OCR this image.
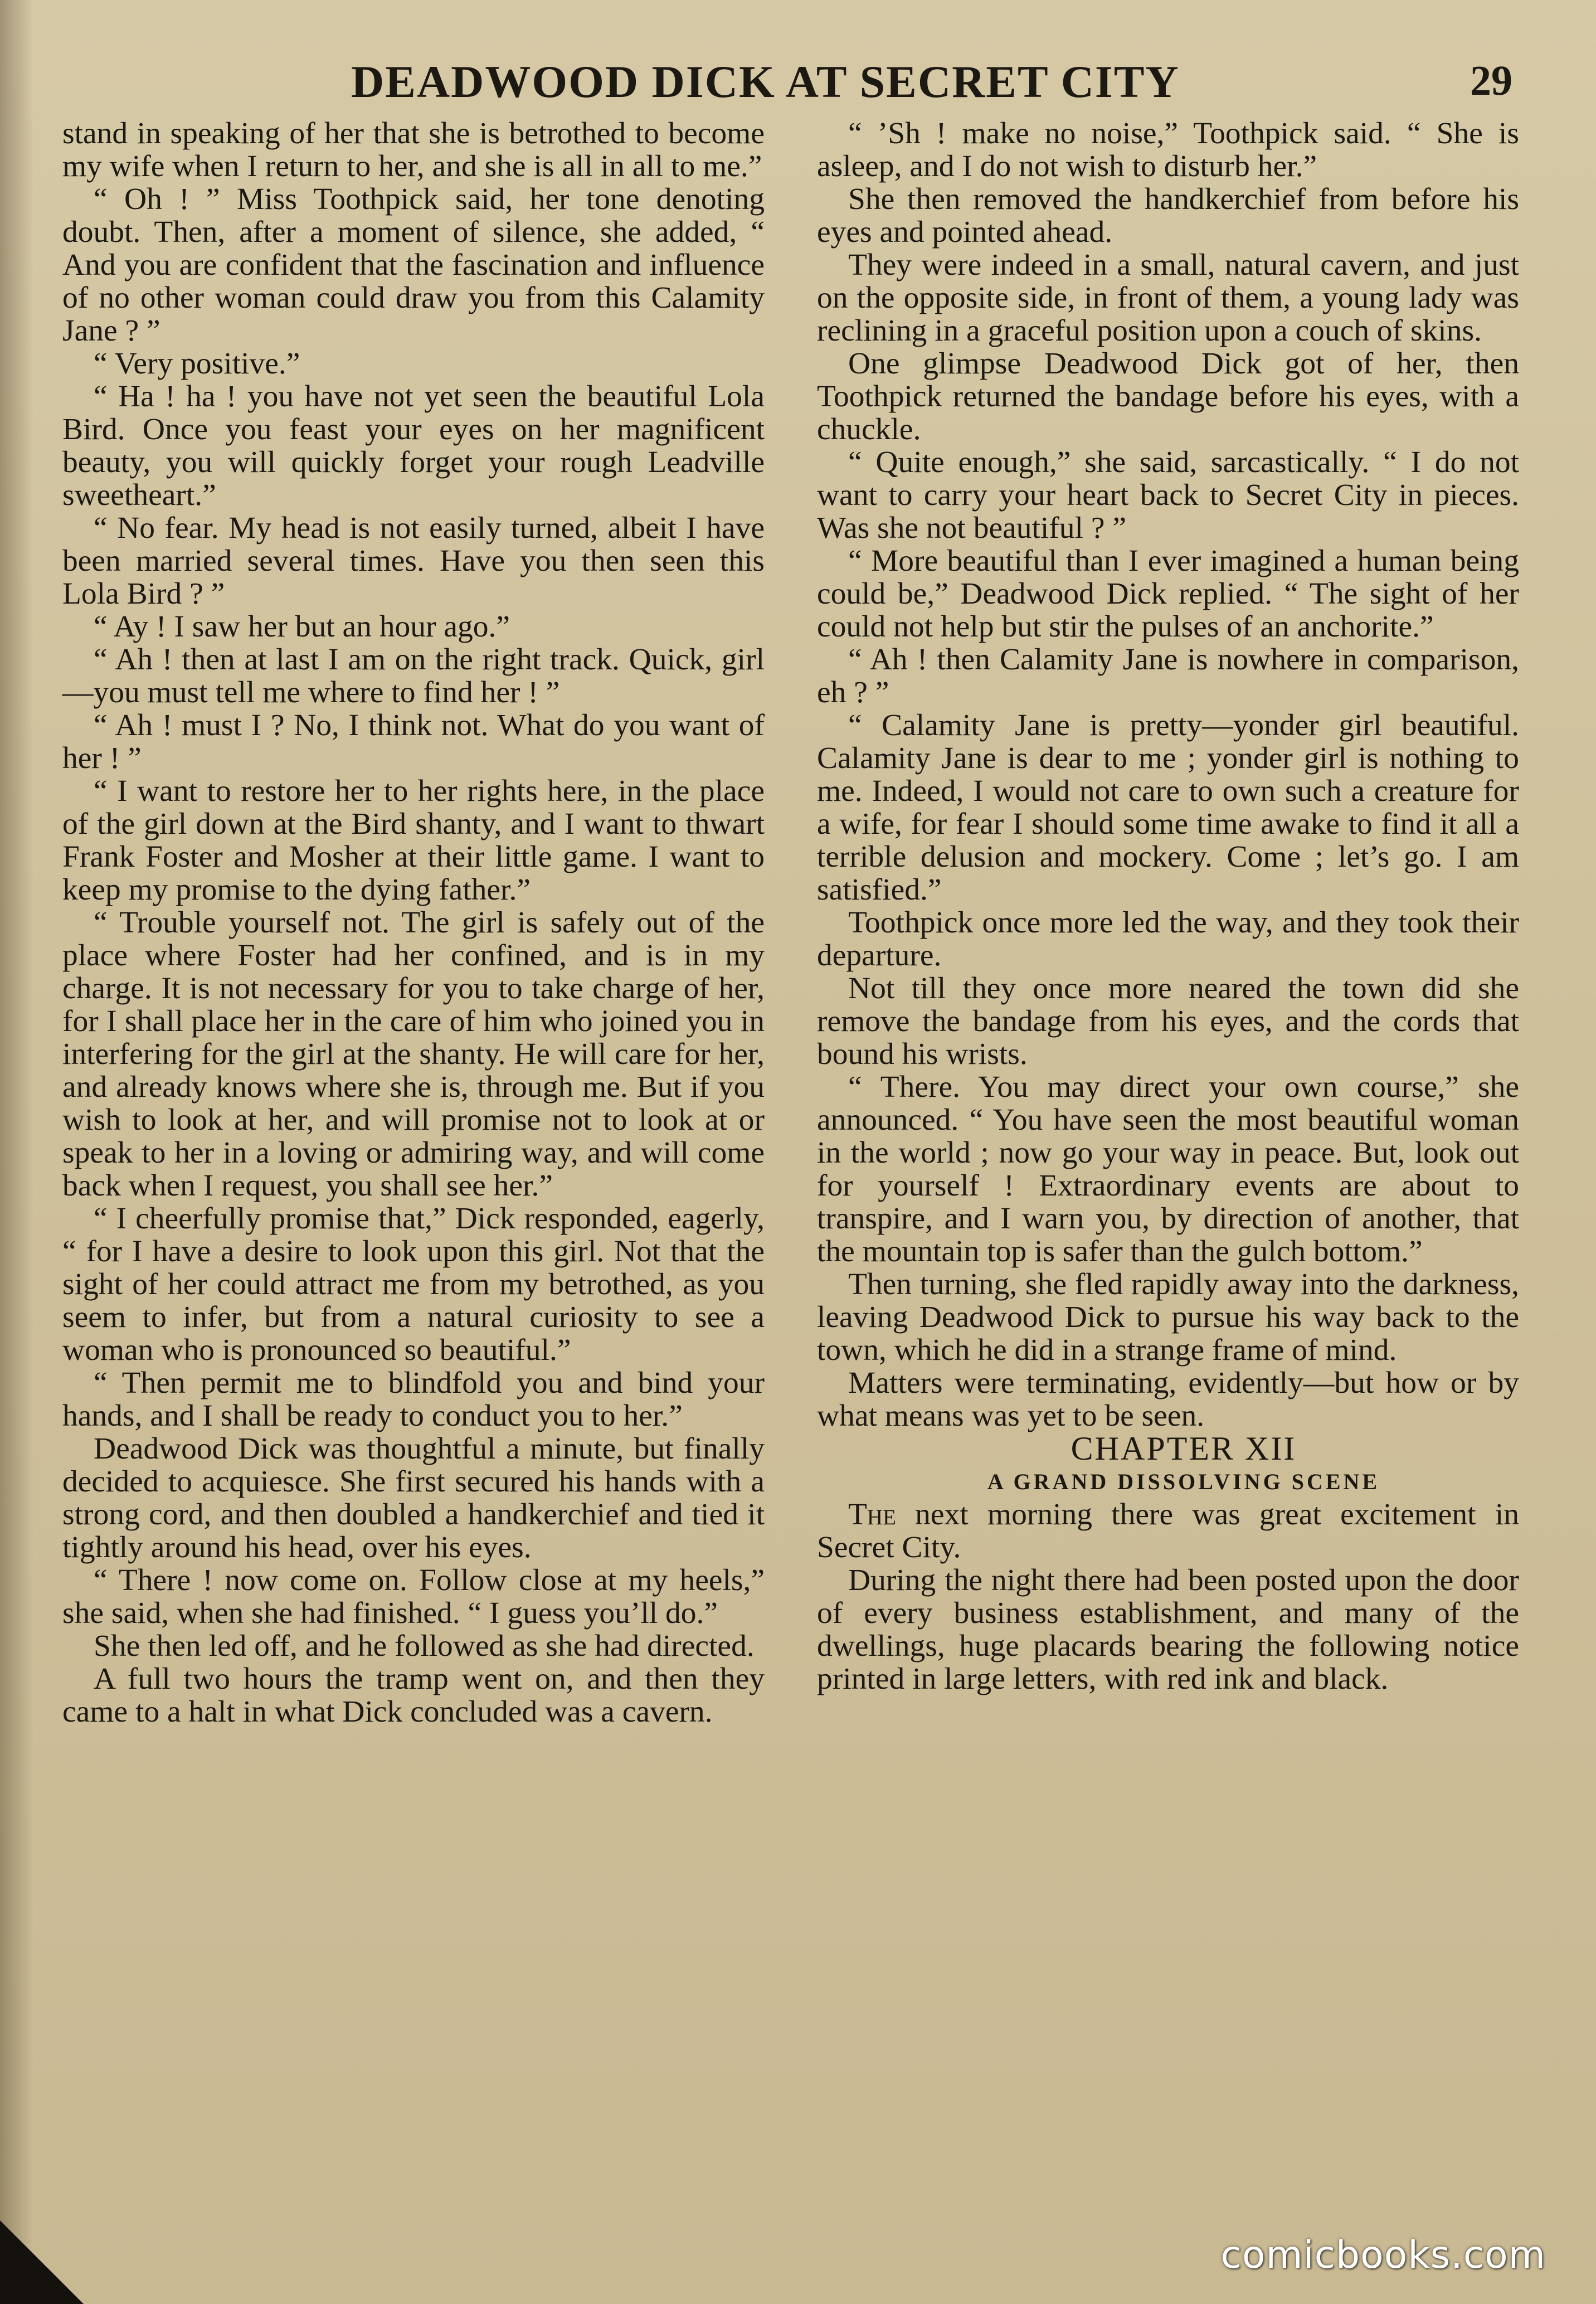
DEADWOOD DICK AT SECRET CITY	29

stand in speaking of her that she is betrothed to become my wife when I return to her, and she is all in all to me.”

“ Oh ! ” Miss Toothpick said, her tone denoting doubt. Then, after a moment of silence, she added, “ And you are confident that the fascination and influence of no other woman could draw you from this Calamity Jane ? ”

“ Very positive.”

“ Ha ! ha ! you have not yet seen the beautiful Lola Bird. Once you feast your eyes on her magnificent beauty, you will quickly forget your rough Leadville sweetheart.”

“ No fear. My head is not easily turned, albeit I have been married several times. Have you then seen this Lola Bird ? ”

“ Ay ! I saw her but an hour ago.”

“ Ah ! then at last I am on the right track. Quick, girl—you must tell me where to find her ! ”

“ Ah ! must I ? No, I think not. What do you want of her ! ”

“ I want to restore her to her rights here, in the place of the girl down at the Bird shanty, and I want to thwart Frank Foster and Mosher at their little game. I want to keep my promise to the dying father.”

“ Trouble yourself not. The girl is safely out of the place where Foster had her confined, and is in my charge. It is not necessary for you to take charge of her, for I shall place her in the care of him who joined you in interfering for the girl at the shanty. He will care for her, and already knows where she is, through me. But if you wish to look at her, and will promise not to look at or speak to her in a loving or admiring way, and will come back when I request, you shall see her.”

“ I cheerfully promise that,” Dick responded, eagerly, “ for I have a desire to look upon this girl. Not that the sight of her could attract me from my betrothed, as you seem to infer, but from a natural curiosity to see a woman who is pronounced so beautiful.”

“ Then permit me to blindfold you and bind your hands, and I shall be ready to conduct you to her.”

Deadwood Dick was thoughtful a minute, but finally decided to acquiesce. She first secured his hands with a strong cord, and then doubled a handkerchief and tied it tightly around his head, over his eyes.

“ There ! now come on. Follow close at my heels,” she said, when she had finished. “ I guess you’ll do.”

She then led off, and he followed as she had directed.

A full two hours the tramp went on, and then they came to a halt in what Dick concluded was a cavern.

“ ’Sh ! make no noise,” Toothpick said. “ She is asleep, and I do not wish to disturb her.”

She then removed the handkerchief from before his eyes and pointed ahead.

They were indeed in a small, natural cavern, and just on the opposite side, in front of them, a young lady was reclining in a graceful position upon a couch of skins.

One glimpse Deadwood Dick got of her, then Toothpick returned the bandage before his eyes, with a chuckle.

“ Quite enough,” she said, sarcastically. “ I do not want to carry your heart back to Secret City in pieces. Was she not beautiful ? ”

“ More beautiful than I ever imagined a human being could be,” Deadwood Dick replied. “ The sight of her could not help but stir the pulses of an anchorite.”

“ Ah ! then Calamity Jane is nowhere in comparison, eh ? ”

“ Calamity Jane is pretty—yonder girl beautiful. Calamity Jane is dear to me ; yonder girl is nothing to me. Indeed, I would not care to own such a creature for a wife, for fear I should some time awake to find it all a terrible delusion and mockery. Come ; let’s go. I am satisfied.”

Toothpick once more led the way, and they took their departure.

Not till they once more neared the town did she remove the bandage from his eyes, and the cords that bound his wrists.

“ There. You may direct your own course,” she announced. “ You have seen the most beautiful woman in the world ; now go your way in peace. But, look out for yourself ! Extraordinary events are about to transpire, and I warn you, by direction of another, that the mountain top is safer than the gulch bottom.”

Then turning, she fled rapidly away into the darkness, leaving Deadwood Dick to pursue his way back to the town, which he did in a strange frame of mind.

Matters were terminating, evidently—but how or by what means was yet to be seen.

CHAPTER XII

A GRAND DISSOLVING SCENE

The next morning there was great excitement in Secret City.

During the night there had been posted upon the door of every business establishment, and many of the dwellings, huge placards bearing the following notice printed in large letters, with red ink and black.

comicbooks.com
